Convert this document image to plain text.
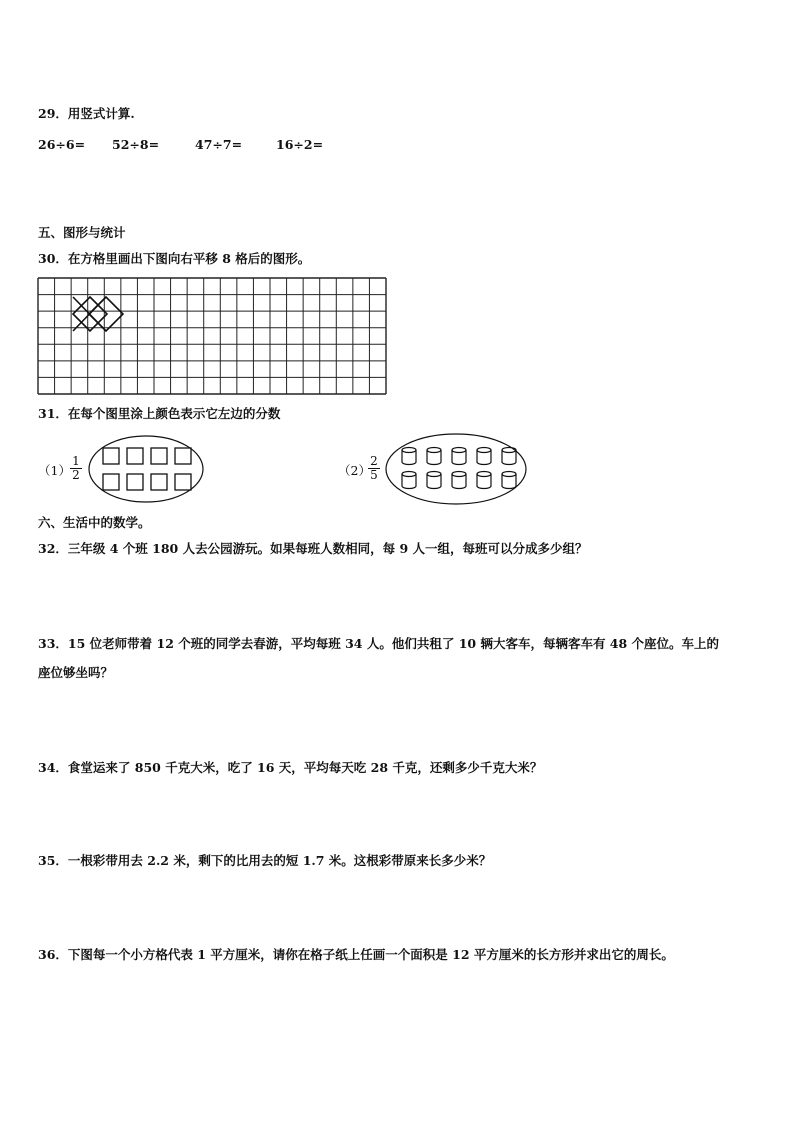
29．用竖式计算.
26÷6= 52÷8=	47÷7=	16÷2=
五、图形与统计
30．在方格里画出下图向右平移 8 格后的图形。
31．在每个图里涂上颜色表示它左边的分数
$(1) \frac{1}{2}$	（2）
$\frac{2}{5}$
六、生活中的数学。
32．三年级 4 个班 180 人去公园游玩。如果每班人数相同，每 9 人一组，每班可以分成多少组？
33．15 位老师带着 12 个班的同学去春游，平均每班 34 人。他们共租了 10 辆大客车，每辆客车有 48 个座位。车上的
座位够坐吗？
34．食堂运来了 850 千克大米，吃了 16 天，平均每天吃 28 千克，还剩多少千克大米？
35．一根彩带用去 2.2 米，剩下的比用去的短 1.7 米。这根彩带原来长多少米？
36．下图每一个小方格代表 1 平方厘米，请你在格子纸上任画一个面积是 12 平方厘米的长方形并求出它的周长。
